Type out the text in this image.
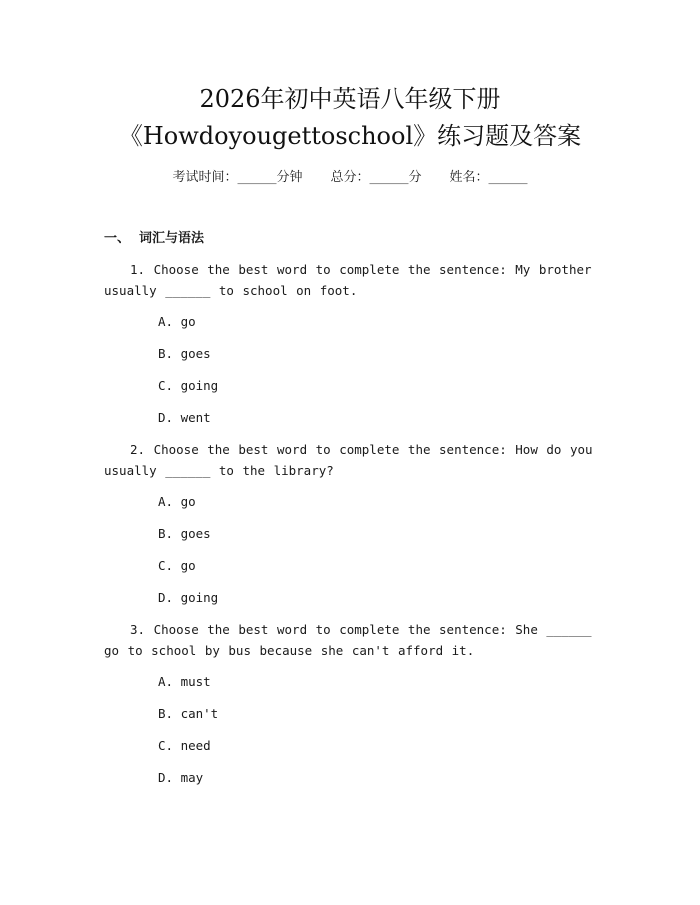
2026年初中英语八年级下册
《Howdoyougettoschool》练习题及答案
考试时间：______分钟 总分：______分 姓名：______
一、  词汇与语法
1. Choose the best word to complete the sentence: My brother usually ______ to school on foot.
A. go
B. goes
C. going
D. went
2. Choose the best word to complete the sentence: How do you usually ______ to the library?
A. go
B. goes
C. go
D. going
3. Choose the best word to complete the sentence: She ______ go to school by bus because she can't afford it.
A. must
B. can't
C. need
D. may
